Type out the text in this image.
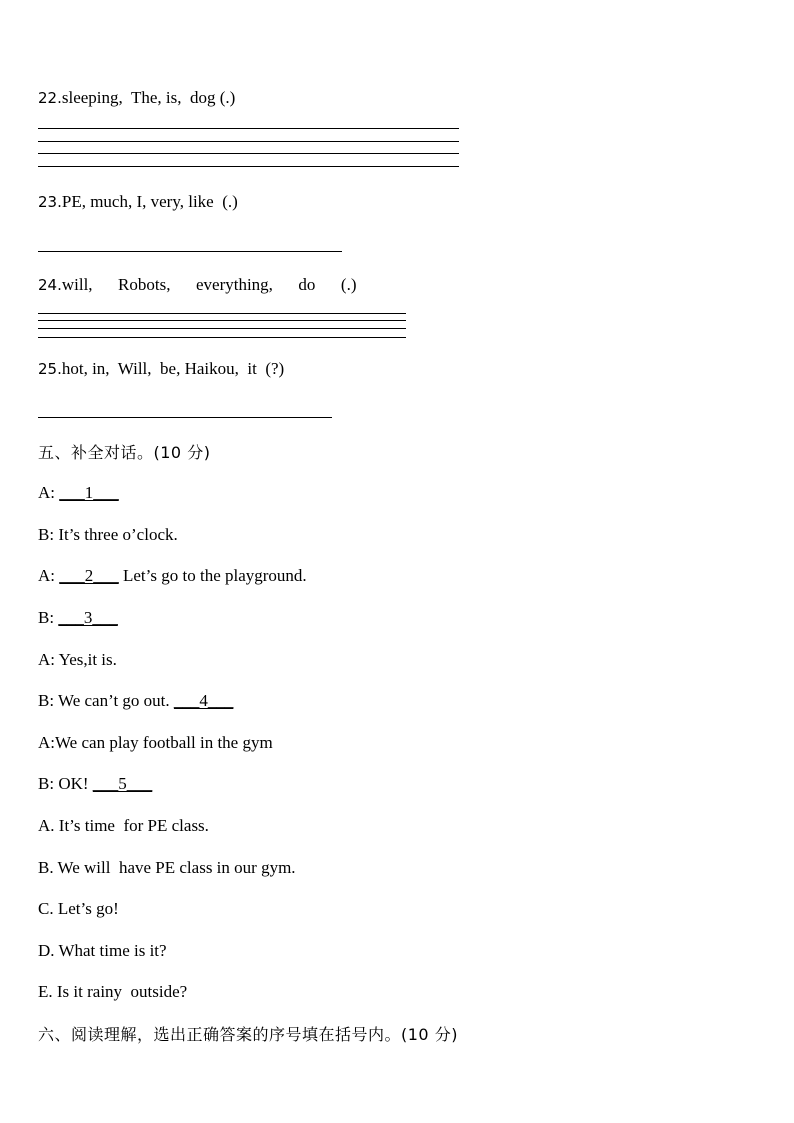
22.sleeping,  The, is,  dog (.)
23.PE, much, I, very, like  (.)
24.will,      Robots,      everything,      do      (.)
25.hot, in,  Will,  be, Haikou,  it  (?)
五、补全对话。(10 分)
A: ___1___
B: It’s three o’clock.
A: ___2___ Let’s go to the playground.
B: ___3___
A: Yes,it is.
B: We can’t go out. ___4___
A:We can play football in the gym
B: OK! ___5___
A. It’s time  for PE class.
B. We will  have PE class in our gym.
C. Let’s go!
D. What time is it?
E. Is it rainy  outside?
六、阅读理解，选出正确答案的序号填在括号内。(10 分)
